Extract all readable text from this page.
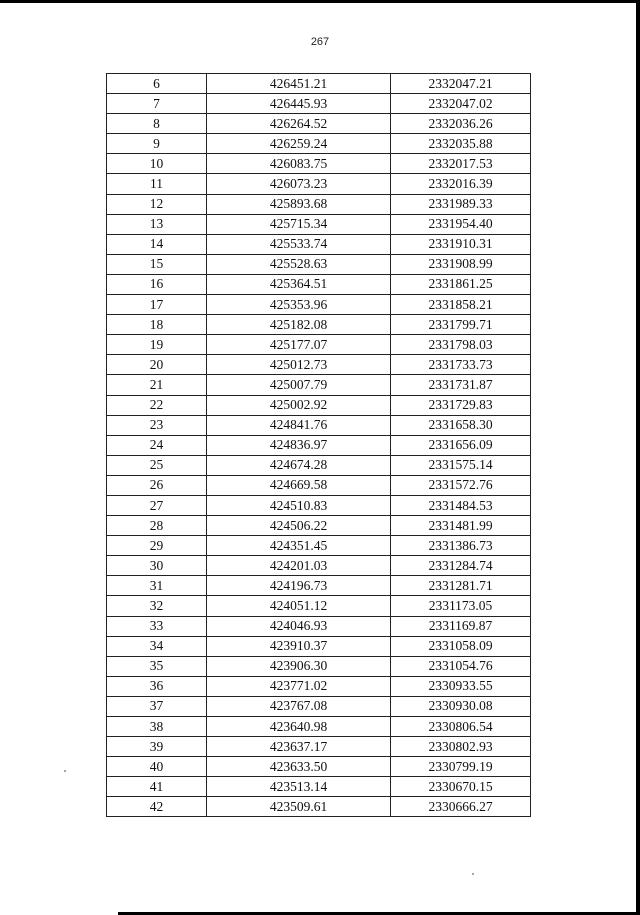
267
6	426451.21	2332047.21
7	426445.93	2332047.02
8	426264.52	2332036.26
9	426259.24	2332035.88
10	426083.75	2332017.53
11	426073.23	2332016.39
12	425893.68	2331989.33
13	425715.34	2331954.40
14	425533.74	2331910.31
15	425528.63	2331908.99
16	425364.51	2331861.25
17	425353.96	2331858.21
18	425182.08	2331799.71
19	425177.07	2331798.03
20	425012.73	2331733.73
21	425007.79	2331731.87
22	425002.92	2331729.83
23	424841.76	2331658.30
24	424836.97	2331656.09
25	424674.28	2331575.14
26	424669.58	2331572.76
27	424510.83	2331484.53
28	424506.22	2331481.99
29	424351.45	2331386.73
30	424201.03	2331284.74
31	424196.73	2331281.71
32	424051.12	2331173.05
33	424046.93	2331169.87
34	423910.37	2331058.09
35	423906.30	2331054.76
36	423771.02	2330933.55
37	423767.08	2330930.08
38	423640.98	2330806.54
39	423637.17	2330802.93
40	423633.50	2330799.19
41	423513.14	2330670.15
42	423509.61	2330666.27
